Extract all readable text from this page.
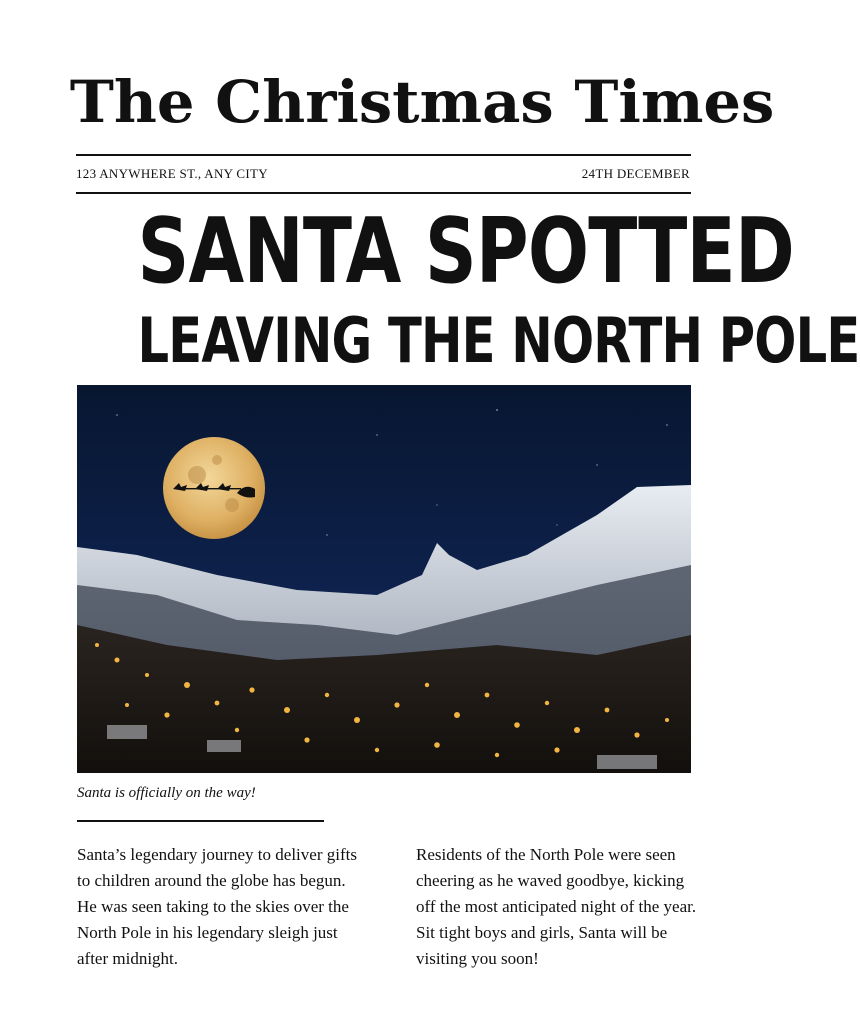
The Christmas Times
123 ANYWHERE ST., ANY CITY	24TH DECEMBER
SANTA SPOTTED
LEAVING THE NORTH POLE
Santa is officially on the way!
Santa’s legendary journey to deliver gifts to children around the globe has begun. He was seen taking to the skies over the North Pole in his legendary sleigh just after midnight.
Residents of the North Pole were seen cheering as he waved goodbye, kicking off the most anticipated night of the year. Sit tight boys and girls, Santa will be visiting you soon!
